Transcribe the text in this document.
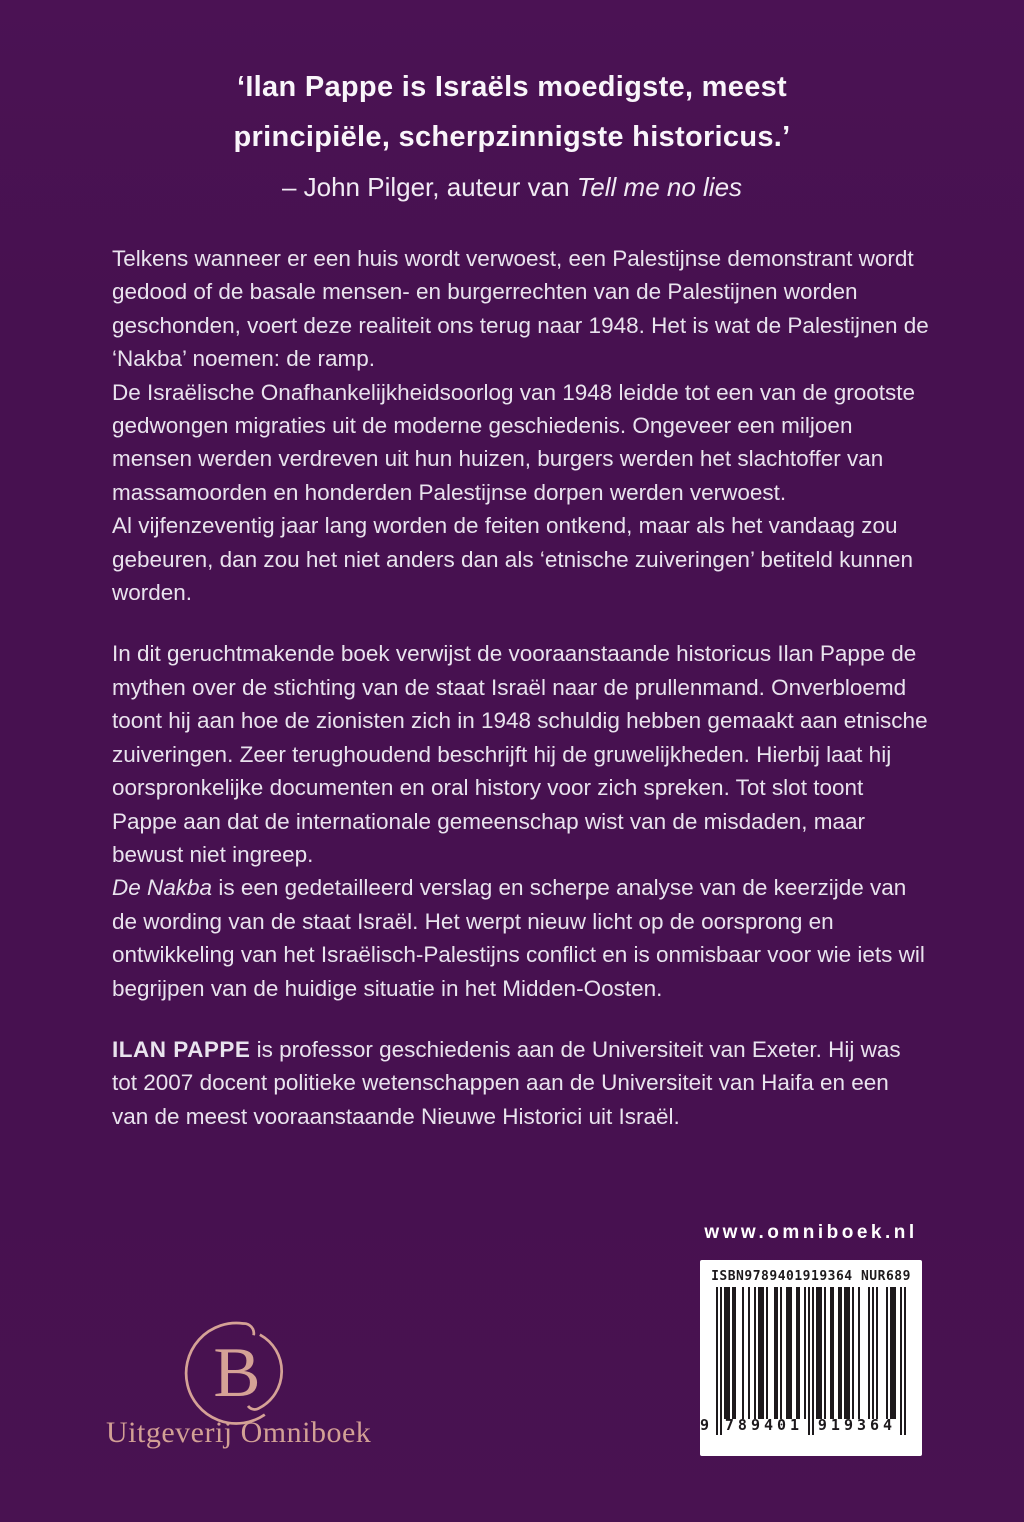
‘Ilan Pappe is Israëls moedigste, meest
principiële, scherpzinnigste historicus.’
– John Pilger, auteur van Tell me no lies

Telkens wanneer er een huis wordt verwoest, een Palestijnse demonstrant wordt gedood of de basale mensen- en burgerrechten van de Palestijnen worden geschonden, voert deze realiteit ons terug naar 1948. Het is wat de Palestijnen de ‘Nakba’ noemen: de ramp.

De Israëlische Onafhankelijkheidsoorlog van 1948 leidde tot een van de grootste gedwongen migraties uit de moderne geschiedenis. Ongeveer een miljoen mensen werden verdreven uit hun huizen, burgers werden het slachtoffer van massamoorden en honderden Palestijnse dorpen werden verwoest.

Al vijfenzeventig jaar lang worden de feiten ontkend, maar als het vandaag zou gebeuren, dan zou het niet anders dan als ‘etnische zuiveringen’ betiteld kunnen worden.

In dit geruchtmakende boek verwijst de vooraanstaande historicus Ilan Pappe de mythen over de stichting van de staat Israël naar de prullenmand. Onverbloemd toont hij aan hoe de zionisten zich in 1948 schuldig hebben gemaakt aan etnische zuiveringen. Zeer terughoudend beschrijft hij de gruwelijkheden. Hierbij laat hij oorspronkelijke documenten en oral history voor zich spreken. Tot slot toont Pappe aan dat de internationale gemeenschap wist van de misdaden, maar bewust niet ingreep.

De Nakba is een gedetailleerd verslag en scherpe analyse van de keerzijde van de wording van de staat Israël. Het werpt nieuw licht op de oorsprong en ontwikkeling van het Israëlisch-Palestijns conflict en is onmisbaar voor wie iets wil begrijpen van de huidige situatie in het Midden-Oosten.

ILAN PAPPE is professor geschiedenis aan de Universiteit van Exeter. Hij was tot 2007 docent politieke wetenschappen aan de Universiteit van Haifa en een van de meest vooraanstaande Nieuwe Historici uit Israël.

www.omniboek.nl
ISBN9789401919364 NUR689
9 789401 919364
B
Uitgeverij Omniboek
